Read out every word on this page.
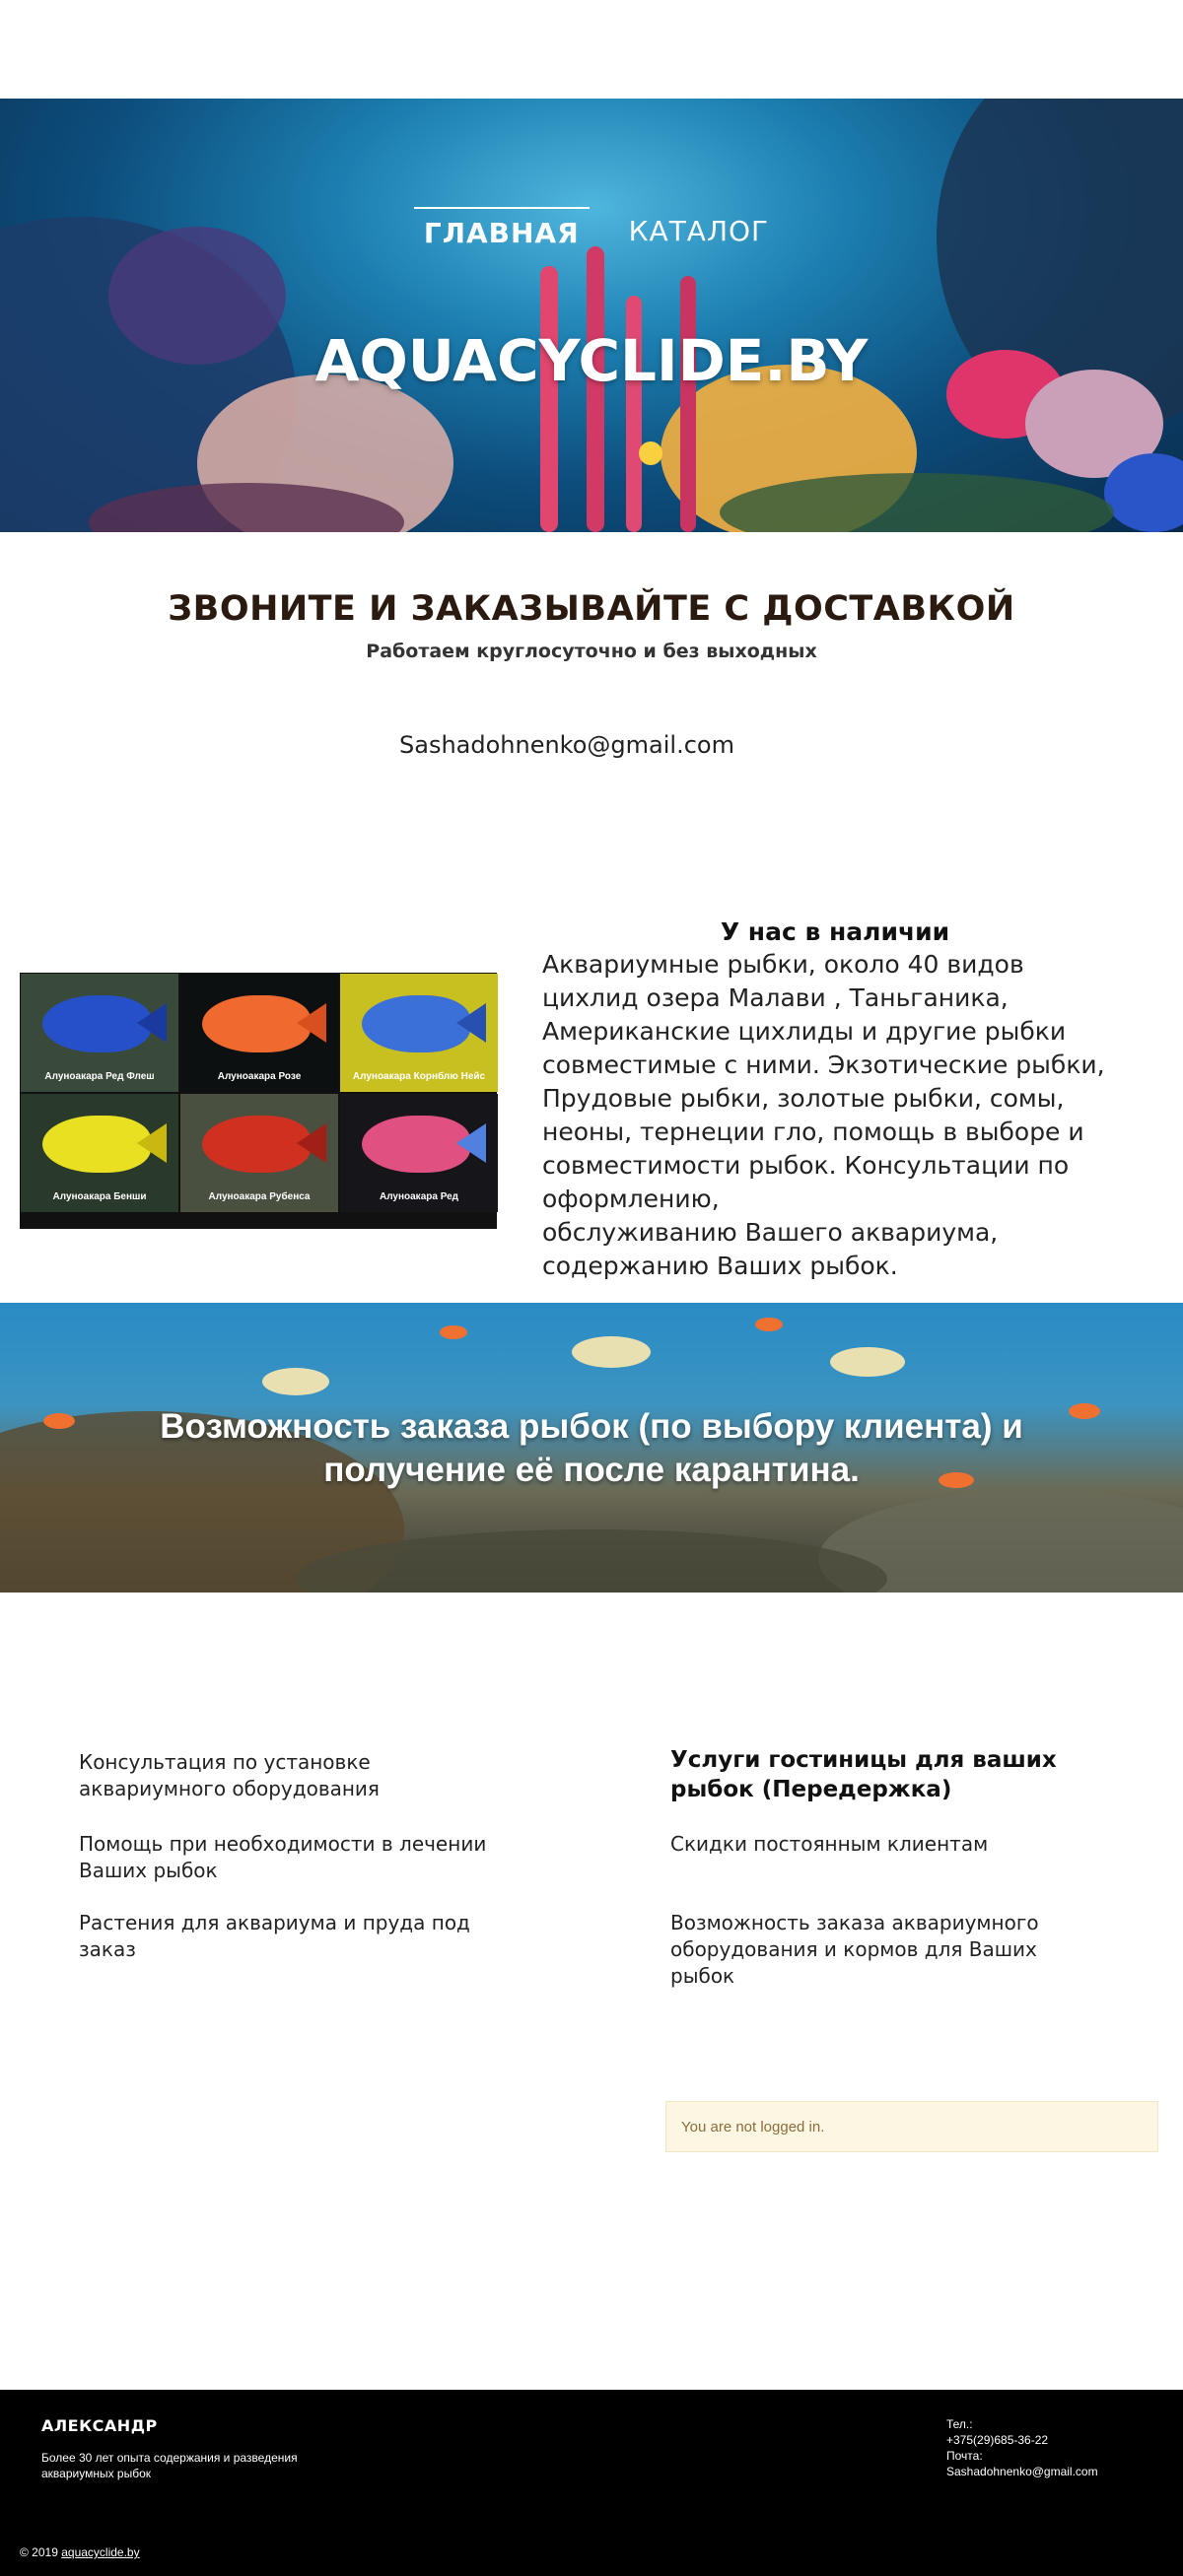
ГЛАВНАЯ	КАТАЛОГ
AQUACYCLIDE.BY
ЗВОНИТЕ И ЗАКАЗЫВАЙТЕ С ДОСТАВКОЙ
Работаем круглосуточно и без выходных
Sashadohnenko@gmail.com
Алуноакара Ред Флеш	Алуноакара Розе	Алуноакара Корнблю Нейс
Алуноакара Бенши	Алуноакара Рубенса	Алуноакара Ред
У нас в наличии
Аквариумные рыбки, около 40 видов
цихлид озера Малави , Таньганика,
Американские цихлиды и другие рыбки
совместимые с ними. Экзотические рыбки,
Прудовые рыбки, золотые рыбки, сомы,
неоны, тернеции гло, помощь в выборе и
совместимости рыбок. Консультации по
оформлению,
обслуживанию Вашего аквариума,
содержанию Ваших рыбок.
Возможность заказа рыбок (по выбору клиента) и
получение её после карантина.
Консультация по установке аквариумного оборудования
Помощь при необходимости в лечении Ваших рыбок
Растения для аквариума и пруда под заказ
Услуги гостиницы для ваших рыбок (Передержка)
Скидки постоянным клиентам
Возможность заказа аквариумного оборудования и кормов для Ваших рыбок
You are not logged in.
АЛЕКСАНДР
Более 30 лет опыта содержания и разведения аквариумных рыбок
Тел.:
+375(29)685-36-22
Почта:
Sashadohnenko@gmail.com
© 2019 aquacyclide.by
